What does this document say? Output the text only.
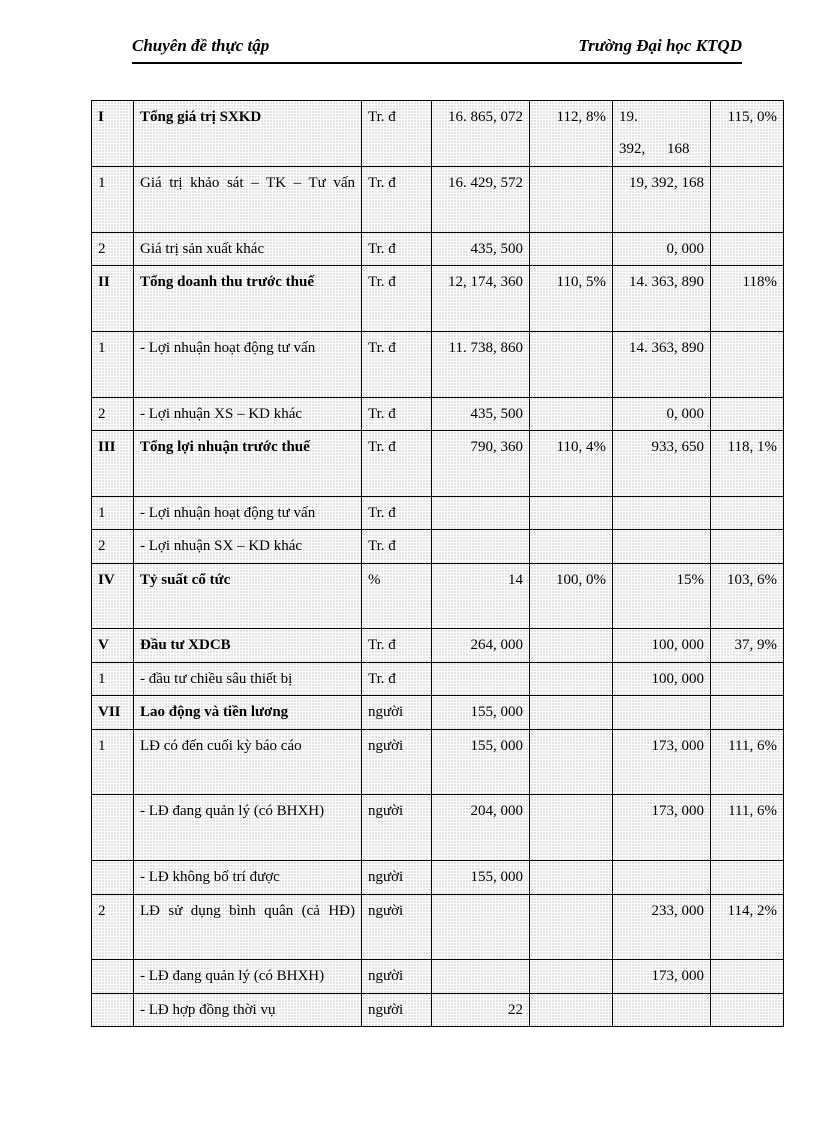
Chuyên đề thực tập	Trường Đại học KTQD
I	Tổng giá trị SXKD	Tr. đ	16. 865, 072	112, 8%	19.   392, 168	115, 0%
1	Giá trị khảo sát – TK – Tư vấn	Tr. đ	16. 429, 572		19, 392, 168	
2	Giá trị sản xuất khác	Tr. đ	435, 500		0, 000	
II	Tổng doanh thu trước thuế	Tr. đ	12, 174, 360	110, 5%	14. 363, 890	118%
1	- Lợi nhuận hoạt động tư vấn	Tr. đ	11. 738, 860		14. 363, 890	
2	- Lợi nhuận XS – KD khác	Tr. đ	435, 500		0, 000	
III	Tổng lợi nhuận trước thuế	Tr. đ	790, 360	110, 4%	933, 650	118, 1%
1	- Lợi nhuận hoạt động tư vấn	Tr. đ				
2	- Lợi nhuận SX – KD khác	Tr. đ				
IV	Tỷ suất cổ tức	%	14	100, 0%	15%	103, 6%
V	Đầu tư XDCB	Tr. đ	264, 000		100, 000	37, 9%
1	- đầu tư chiều sâu thiết bị	Tr. đ			100, 000	
VII	Lao động và tiền lương	người	155, 000			
1	LĐ có đến cuối kỳ báo cáo	người	155, 000		173, 000	111, 6%
	- LĐ đang quản lý (có BHXH)	người	204, 000		173, 000	111, 6%
	- LĐ không bố trí được	người	155, 000			
2	LĐ sử dụng bình quân (cả HĐ)	người			233, 000	114, 2%
	- LĐ đang quản lý (có BHXH)	người			173, 000	
	- LĐ hợp đồng thời vụ	người	22			
